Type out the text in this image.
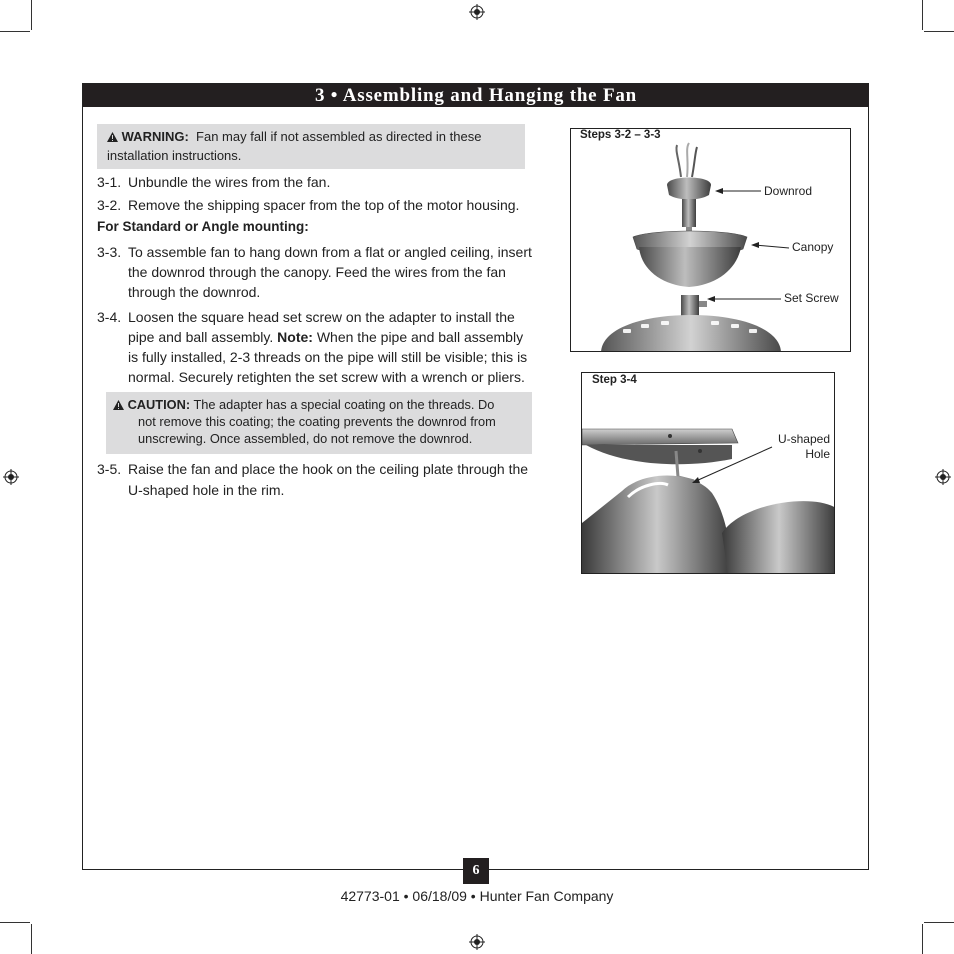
3 • Assembling and Hanging the Fan
WARNING: Fan may fall if not assembled as directed in these
installation instructions.
3-1. Unbundle the wires from the fan.
3-2. Remove the shipping spacer from the top of the motor housing.
For Standard or Angle mounting:
3-3. To assemble fan to hang down from a flat or angled ceiling, insert
the downrod through the canopy. Feed the wires from the fan
through the downrod.
3-4. Loosen the square head set screw on the adapter to install the
pipe and ball assembly. Note: When the pipe and ball assembly
is fully installed, 2-3 threads on the pipe will still be visible; this is
normal. Securely retighten the set screw with a wrench or pliers.
CAUTION: The adapter has a special coating on the threads. Do
not remove this coating; the coating prevents the downrod from
unscrewing. Once assembled, do not remove the downrod.
3-5. Raise the fan and place the hook on the ceiling plate through the
U-shaped hole in the rim.
Steps 3-2 – 3-3
Downrod
Canopy
Set Screw
Step 3-4
U-shaped
Hole
6
42773-01 • 06/18/09 • Hunter Fan Company
